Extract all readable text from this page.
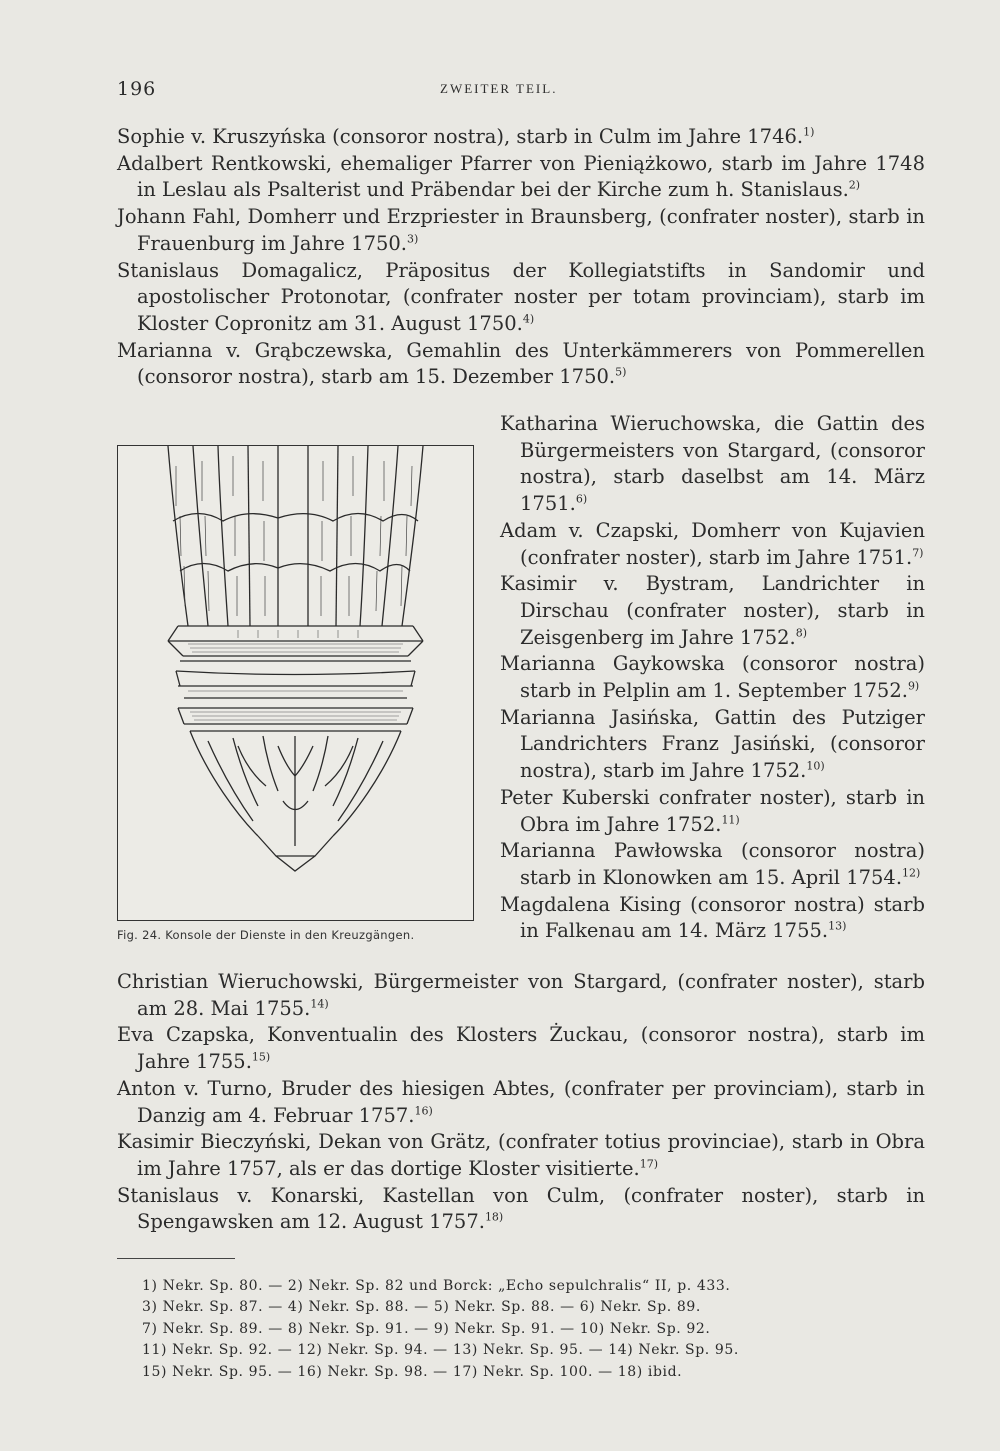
196	ZWEITER TEIL.

Sophie v. Kruszyńska (consoror nostra), starb in Culm im Jahre 1746.$^{1)}$

Adalbert Rentkowski, ehemaliger Pfarrer von Pieniążkowo, starb im Jahre 1748 in Leslau als Psalterist und Präbendar bei der Kirche zum h. Stanislaus.$^{2)}$

Johann Fahl, Domherr und Erzpriester in Braunsberg, (confrater noster), starb in Frauenburg im Jahre 1750.$^{3)}$

Stanislaus Domagalicz, Präpositus der Kollegiatstifts in Sandomir und apostolischer Protonotar, (confrater noster per totam provinciam), starb im Kloster Copronitz am 31. August 1750.$^{4)}$

Marianna v. Grąbczewska, Gemahlin des Unterkämmerers von Pommerellen (consoror nostra), starb am 15. Dezember 1750.$^{5)}$

Fig. 24. Konsole der Dienste in den Kreuzgängen.

Katharina Wieruchowska, die Gattin des Bürgermeisters von Stargard, (consoror nostra), starb daselbst am 14. März 1751.$^{6)}$

Adam v. Czapski, Domherr von Kujavien (confrater noster), starb im Jahre 1751.$^{7)}$

Kasimir v. Bystram, Landrichter in Dirschau (confrater noster), starb in Zeisgenberg im Jahre 1752.$^{8)}$

Marianna Gaykowska (consoror nostra) starb in Pelplin am 1. September 1752.$^{9)}$

Marianna Jasińska, Gattin des Putziger Landrichters Franz Jasiński, (consoror nostra), starb im Jahre 1752.$^{10)}$

Peter Kuberski confrater noster), starb in Obra im Jahre 1752.$^{11)}$

Marianna Pawłowska (consoror nostra) starb in Klonowken am 15. April 1754.$^{12)}$

Magdalena Kising (consoror nostra) starb in Falkenau am 14. März 1755.$^{13)}$

Christian Wieruchowski, Bürgermeister von Stargard, (confrater noster), starb am 28. Mai 1755.$^{14)}$

Eva Czapska, Konventualin des Klosters Żuckau, (consoror nostra), starb im Jahre 1755.$^{15)}$

Anton v. Turno, Bruder des hiesigen Abtes, (confrater per provinciam), starb in Danzig am 4. Februar 1757.$^{16)}$

Kasimir Bieczyński, Dekan von Grätz, (confrater totius provinciae), starb in Obra im Jahre 1757, als er das dortige Kloster visitierte.$^{17)}$

Stanislaus v. Konarski, Kastellan von Culm, (confrater noster), starb in Spengawsken am 12. August 1757.$^{18)}$

1) Nekr. Sp. 80. — 2) Nekr. Sp. 82 und Borck: „Echo sepulchralis“ II, p. 433.
3) Nekr. Sp. 87. — 4) Nekr. Sp. 88. — 5) Nekr. Sp. 88. — 6) Nekr. Sp. 89.
7) Nekr. Sp. 89. — 8) Nekr. Sp. 91. — 9) Nekr. Sp. 91. — 10) Nekr. Sp. 92.
11) Nekr. Sp. 92. — 12) Nekr. Sp. 94. — 13) Nekr. Sp. 95. — 14) Nekr. Sp. 95.
15) Nekr. Sp. 95. — 16) Nekr. Sp. 98. — 17) Nekr. Sp. 100. — 18) ibid.
